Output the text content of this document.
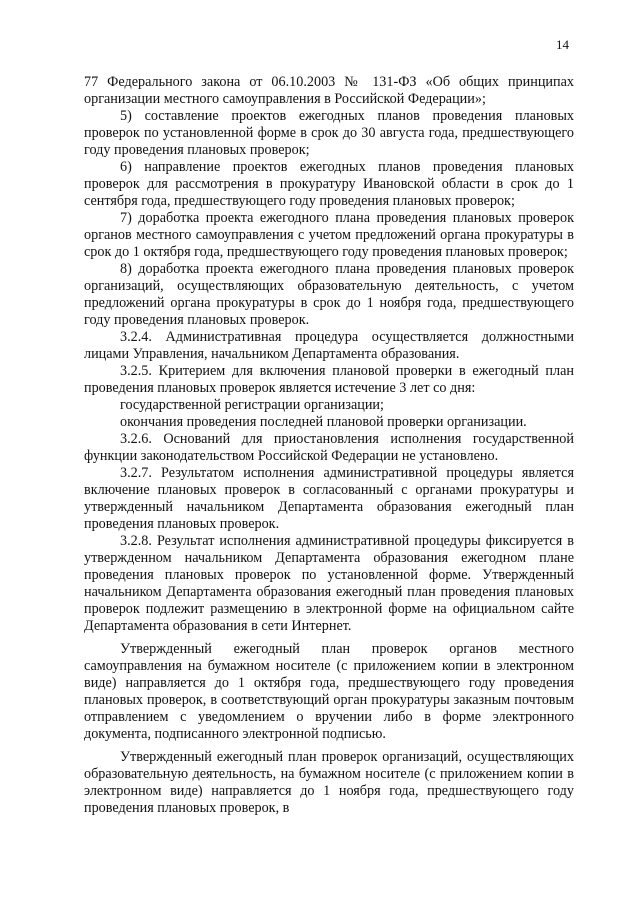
14

77 Федерального закона от 06.10.2003 № 131-ФЗ «Об общих принципах организации местного самоуправления в Российской Федерации»;

5) составление проектов ежегодных планов проведения плановых проверок по установленной форме в срок до 30 августа года, предшествующего году проведения плановых проверок;

6) направление проектов ежегодных планов проведения плановых проверок для рассмотрения в прокуратуру Ивановской области в срок до 1 сентября года, предшествующего году проведения плановых проверок;

7) доработка проекта ежегодного плана проведения плановых проверок органов местного самоуправления с учетом предложений органа прокуратуры в срок до 1 октября года, предшествующего году проведения плановых проверок;

8) доработка проекта ежегодного плана проведения плановых проверок организаций, осуществляющих образовательную деятельность, с учетом предложений органа прокуратуры в срок до 1 ноября года, предшествующего году проведения плановых проверок.

3.2.4. Административная процедура осуществляется должностными лицами Управления, начальником Департамента образования.

3.2.5. Критерием для включения плановой проверки в ежегодный план проведения плановых проверок является истечение 3 лет со дня:

государственной регистрации организации;

окончания проведения последней плановой проверки организации.

3.2.6. Оснований для приостановления исполнения государственной функции законодательством Российской Федерации не установлено.

3.2.7. Результатом исполнения административной процедуры является включение плановых проверок в согласованный с органами прокуратуры и утвержденный начальником Департамента образования ежегодный план проведения плановых проверок.

3.2.8. Результат исполнения административной процедуры фиксируется в утвержденном начальником Департамента образования ежегодном плане проведения плановых проверок по установленной форме. Утвержденный начальником Департамента образования ежегодный план проведения плановых проверок подлежит размещению в электронной форме на официальном сайте Департамента образования в сети Интернет.

Утвержденный ежегодный план проверок органов местного самоуправления на бумажном носителе (с приложением копии в электронном виде) направляется до 1 октября года, предшествующего году проведения плановых проверок, в соответствующий орган прокуратуры заказным почтовым отправлением с уведомлением о вручении либо в форме электронного документа, подписанного электронной подписью.

Утвержденный ежегодный план проверок организаций, осуществляющих образовательную деятельность, на бумажном носителе (с приложением копии в электронном виде) направляется до 1 ноября года, предшествующего году проведения плановых проверок, в
